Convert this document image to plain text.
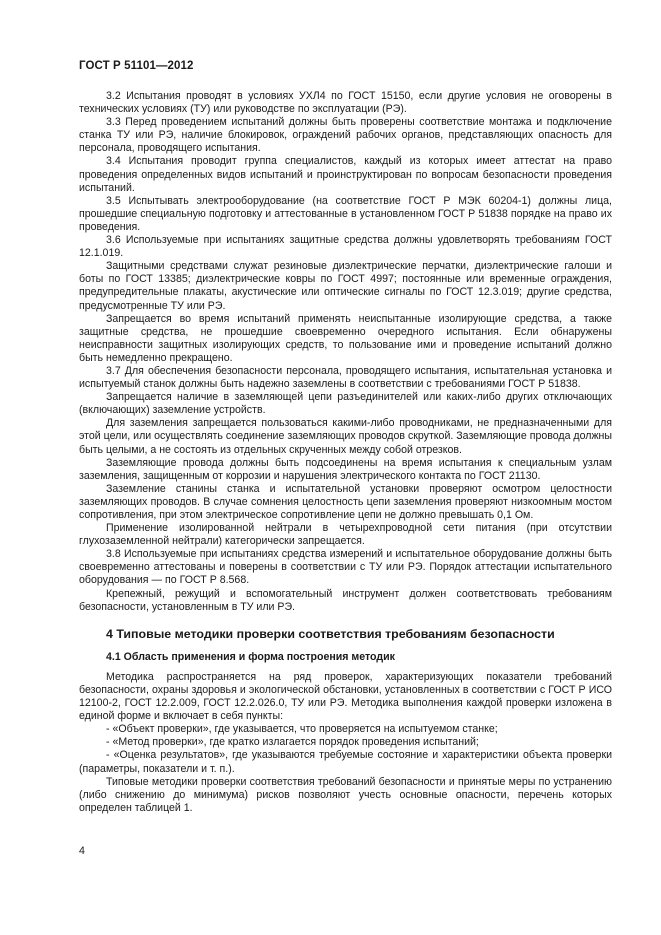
ГОСТ Р 51101—2012

3.2 Испытания проводят в условиях УХЛ4 по ГОСТ 15150, если другие условия не оговорены в технических условиях (ТУ) или руководстве по эксплуатации (РЭ).

3.3 Перед проведением испытаний должны быть проверены соответствие монтажа и подключение станка ТУ или РЭ, наличие блокировок, ограждений рабочих органов, представляющих опасность для персонала, проводящего испытания.

3.4 Испытания проводит группа специалистов, каждый из которых имеет аттестат на право проведения определенных видов испытаний и проинструктирован по вопросам безопасности проведения испытаний.

3.5 Испытывать электрооборудование (на соответствие ГОСТ Р МЭК 60204-1) должны лица, прошедшие специальную подготовку и аттестованные в установленном ГОСТ Р 51838 порядке на право их проведения.

3.6 Используемые при испытаниях защитные средства должны удовлетворять требованиям ГОСТ 12.1.019.

Защитными средствами служат резиновые диэлектрические перчатки, диэлектрические галоши и боты по ГОСТ 13385; диэлектрические ковры по ГОСТ 4997; постоянные или временные ограждения, предупредительные плакаты, акустические или оптические сигналы по ГОСТ 12.3.019; другие средства, предусмотренные ТУ или РЭ.

Запрещается во время испытаний применять неиспытанные изолирующие средства, а также защитные средства, не прошедшие своевременно очередного испытания. Если обнаружены неисправности защитных изолирующих средств, то пользование ими и проведение испытаний должно быть немедленно прекращено.

3.7 Для обеспечения безопасности персонала, проводящего испытания, испытательная установка и испытуемый станок должны быть надежно заземлены в соответствии с требованиями ГОСТ Р 51838.

Запрещается наличие в заземляющей цепи разъединителей или каких-либо других отключающих (включающих) заземление устройств.

Для заземления запрещается пользоваться какими-либо проводниками, не предназначенными для этой цели, или осуществлять соединение заземляющих проводов скруткой. Заземляющие провода должны быть целыми, а не состоять из отдельных скрученных между собой отрезков.

Заземляющие провода должны быть подсоединены на время испытания к специальным узлам заземления, защищенным от коррозии и нарушения электрического контакта по ГОСТ 21130.

Заземление станины станка и испытательной установки проверяют осмотром целостности заземляющих проводов. В случае сомнения целостность цепи заземления проверяют низкоомным мостом сопротивления, при этом электрическое сопротивление цепи не должно превышать 0,1 Ом.

Применение изолированной нейтрали в четырехпроводной сети питания (при отсутствии глухозаземленной нейтрали) категорически запрещается.

3.8 Используемые при испытаниях средства измерений и испытательное оборудование должны быть своевременно аттестованы и поверены в соответствии с ТУ или РЭ. Порядок аттестации испытательного оборудования — по ГОСТ Р 8.568.

Крепежный, режущий и вспомогательный инструмент должен соответствовать требованиям безопасности, установленным в ТУ или РЭ.

4 Типовые методики проверки соответствия требованиям безопасности
4.1 Область применения и форма построения методик

Методика распространяется на ряд проверок, характеризующих показатели требований безопасности, охраны здоровья и экологической обстановки, установленных в соответствии с ГОСТ Р ИСО 12100-2, ГОСТ 12.2.009, ГОСТ 12.2.026.0, ТУ или РЭ. Методика выполнения каждой проверки изложена в единой форме и включает в себя пункты:

- «Объект проверки», где указывается, что проверяется на испытуемом станке;

- «Метод проверки», где кратко излагается порядок проведения испытаний;

- «Оценка результатов», где указываются требуемые состояние и характеристики объекта проверки (параметры, показатели и т. п.).

Типовые методики проверки соответствия требований безопасности и принятые меры по устранению (либо снижению до минимума) рисков позволяют учесть основные опасности, перечень которых определен таблицей 1.

4
